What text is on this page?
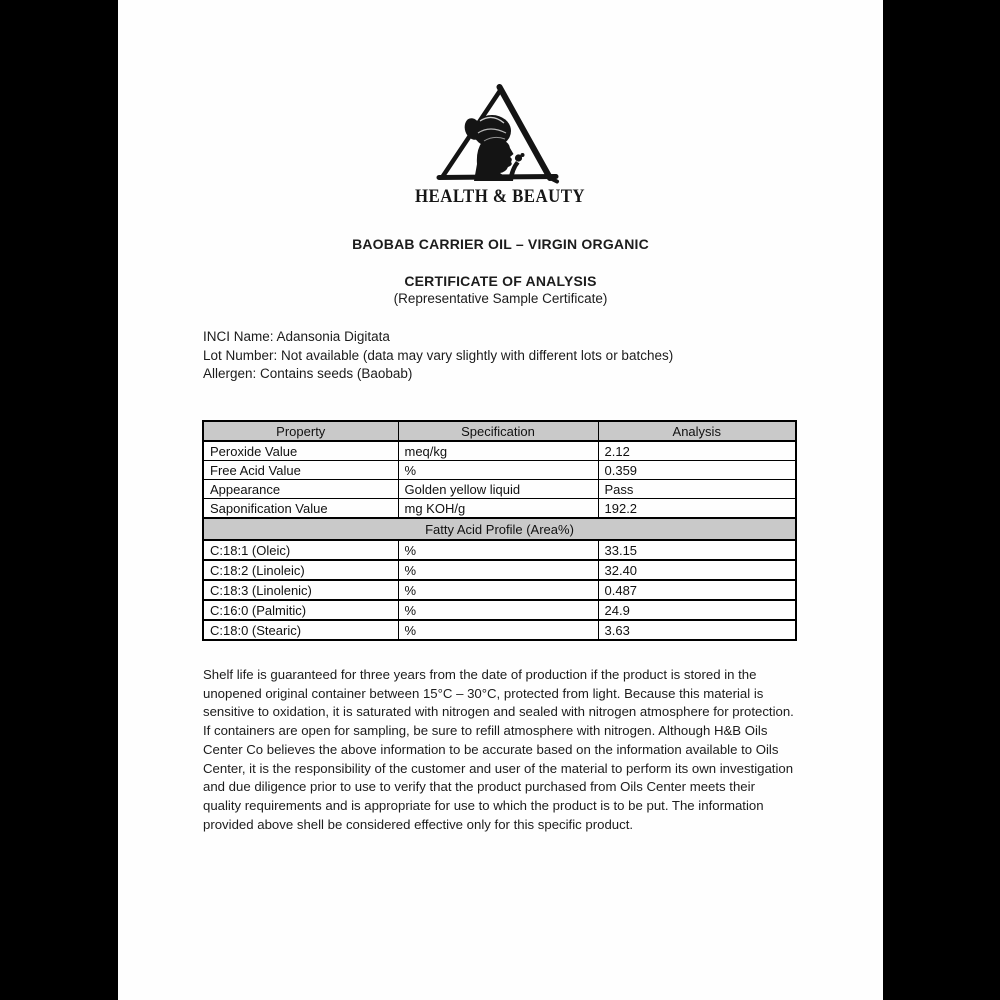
HEALTH & BEAUTY
BAOBAB CARRIER OIL – VIRGIN ORGANIC
CERTIFICATE OF ANALYSIS
(Representative Sample Certificate)
INCI Name: Adansonia Digitata
Lot Number: Not available (data may vary slightly with different lots or batches)
Allergen: Contains seeds (Baobab)
Property	Specification	Analysis
Peroxide Value	meq/kg	2.12
Free Acid Value	%	0.359
Appearance	Golden yellow liquid	Pass
Saponification Value	mg KOH/g	192.2
Fatty Acid Profile (Area%)		
C:18:1 (Oleic)	%	33.15
C:18:2 (Linoleic)	%	32.40
C:18:3 (Linolenic)	%	0.487
C:16:0 (Palmitic)	%	24.9
C:18:0 (Stearic)	%	3.63
Shelf life is guaranteed for three years from the date of production if the product is stored in the unopened original container between 15°C – 30°C, protected from light. Because this material is sensitive to oxidation, it is saturated with nitrogen and sealed with nitrogen atmosphere for protection. If containers are open for sampling, be sure to refill atmosphere with nitrogen. Although H&B Oils Center Co believes the above information to be accurate based on the information available to Oils Center, it is the responsibility of the customer and user of the material to perform its own investigation and due diligence prior to use to verify that the product purchased from Oils Center meets their quality requirements and is appropriate for use to which the product is to be put. The information provided above shell be considered effective only for this specific product.
